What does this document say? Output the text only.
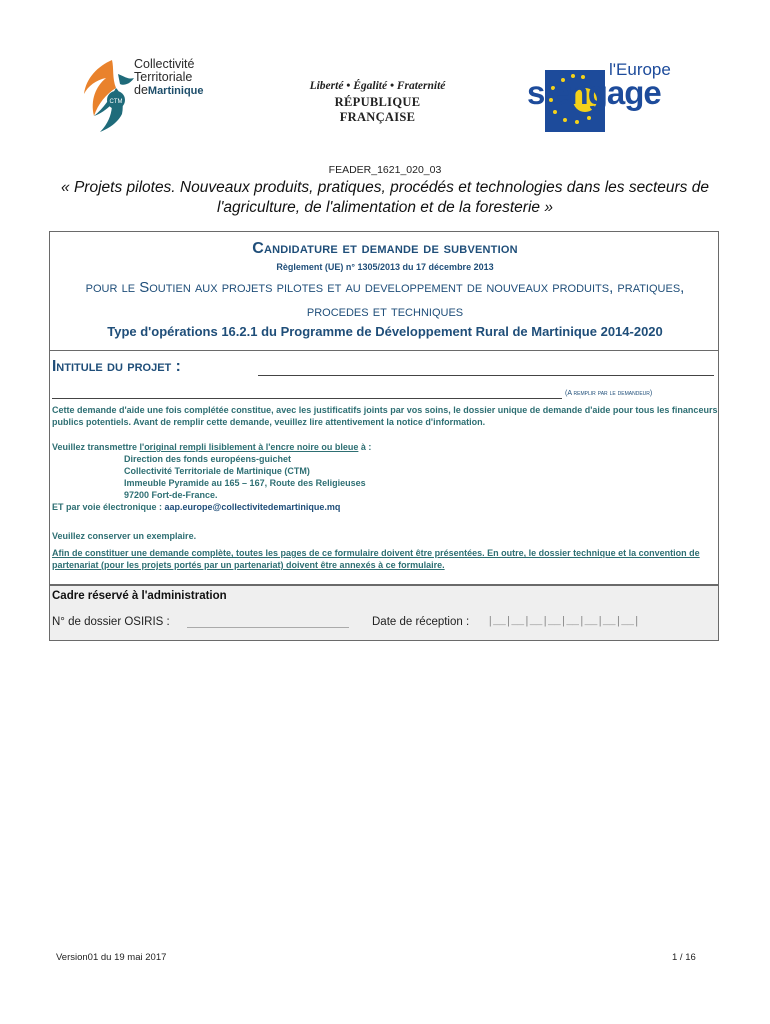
CTM
Collectivité
Territoriale
deMartinique	Liberté • Égalité • Fraternité
RÉPUBLIQUE FRANÇAISE
l'Europe
s'engage
FEADER_1621_020_03
« Projets pilotes. Nouveaux produits, pratiques, procédés et technologies dans les secteurs de l'agriculture, de l'alimentation et de la foresterie »
Candidature et demande de subvention
Règlement (UE) n° 1305/2013 du 17 décembre 2013
pour le Soutien aux projets pilotes et au developpement de nouveaux produits, pratiques, procedes et techniques
Type d'opérations 16.2.1 du Programme de Développement Rural de Martinique 2014-2020
Intitule du projet :
(A remplir par le demandeur)
Cette demande d'aide une fois complétée constitue, avec les justificatifs joints par vos soins, le dossier unique de demande d'aide pour tous les financeurs publics potentiels. Avant de remplir cette demande, veuillez lire attentivement la notice d'information.
Veuillez transmettre l'original rempli lisiblement à l'encre noire ou bleue à :
Direction des fonds européens-guichet
Collectivité Territoriale de Martinique (CTM)
Immeuble Pyramide au 165 – 167, Route des Religieuses
97200 Fort-de-France.
ET par voie électronique : aap.europe@collectivitedemartinique.mq
Veuillez conserver un exemplaire.
Afin de constituer une demande complète, toutes les pages de ce formulaire doivent être présentées. En outre, le dossier technique et la convention de partenariat (pour les projets portés par un partenariat) doivent être annexés à ce formulaire.
Cadre réservé à l'administration
N° de dossier OSIRIS :	Date de réception : |__|__|__|__|__|__|__|__|
Version01 du 19 mai 2017	1 / 16
